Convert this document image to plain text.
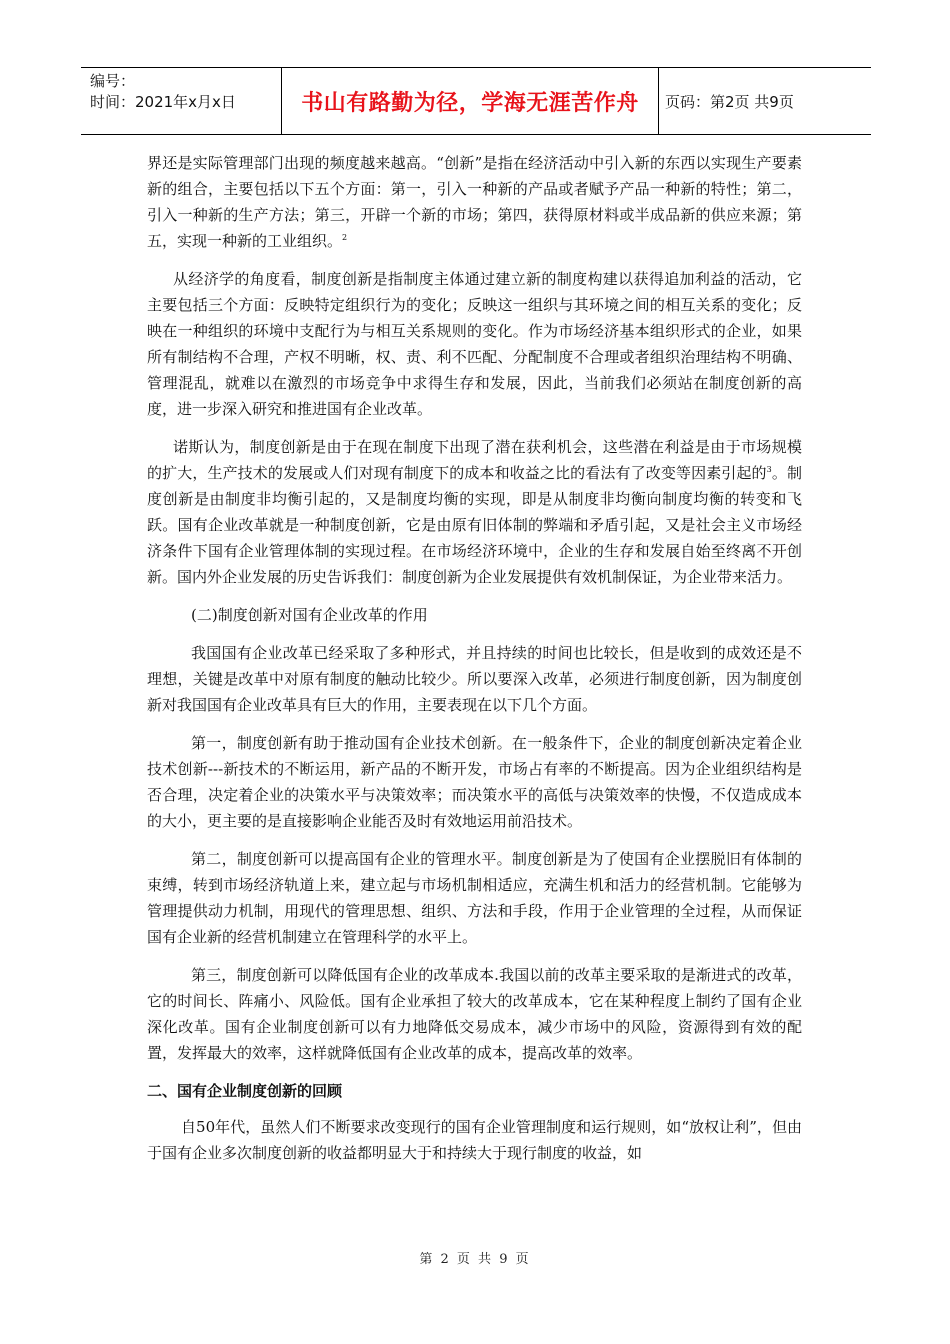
编号：
时间：2021年x月x日	书山有路勤为径，学海无涯苦作舟 页码：第2页 共9页

界还是实际管理部门出现的频度越来越高。“创新”是指在经济活动中引入新的东西以实现生产要素新的组合，主要包括以下五个方面：第一，引入一种新的产品或者赋予产品一种新的特性；第二，引入一种新的生产方法；第三，开辟一个新的市场；第四，获得原材料或半成品新的供应来源；第五，实现一种新的工业组织。$^2$

从经济学的角度看，制度创新是指制度主体通过建立新的制度构建以获得追加利益的活动，它主要包括三个方面：反映特定组织行为的变化；反映这一组织与其环境之间的相互关系的变化；反映在一种组织的环境中支配行为与相互关系规则的变化。作为市场经济基本组织形式的企业，如果所有制结构不合理，产权不明晰，权、责、利不匹配、分配制度不合理或者组织治理结构不明确、管理混乱，就难以在激烈的市场竞争中求得生存和发展，因此，当前我们必须站在制度创新的高度，进一步深入研究和推进国有企业改革。

诺斯认为，制度创新是由于在现在制度下出现了潜在获利机会，这些潜在利益是由于市场规模的扩大，生产技术的发展或人们对现有制度下的成本和收益之比的看法有了改变等因素引起的$^3$。制度创新是由制度非均衡引起的，又是制度均衡的实现，即是从制度非均衡向制度均衡的转变和飞跃。国有企业改革就是一种制度创新，它是由原有旧体制的弊端和矛盾引起，又是社会主义市场经济条件下国有企业管理体制的实现过程。在市场经济环境中，企业的生存和发展自始至终离不开创新。国内外企业发展的历史告诉我们：制度创新为企业发展提供有效机制保证，为企业带来活力。

(二)制度创新对国有企业改革的作用

我国国有企业改革已经采取了多种形式，并且持续的时间也比较长，但是收到的成效还是不理想，关键是改革中对原有制度的触动比较少。所以要深入改革，必须进行制度创新，因为制度创新对我国国有企业改革具有巨大的作用，主要表现在以下几个方面。

第一，制度创新有助于推动国有企业技术创新。在一般条件下，企业的制度创新决定着企业技术创新---新技术的不断运用，新产品的不断开发，市场占有率的不断提高。因为企业组织结构是否合理，决定着企业的决策水平与决策效率；而决策水平的高低与决策效率的快慢，不仅造成成本的大小，更主要的是直接影响企业能否及时有效地运用前沿技术。

第二，制度创新可以提高国有企业的管理水平。制度创新是为了使国有企业摆脱旧有体制的束缚，转到市场经济轨道上来，建立起与市场机制相适应，充满生机和活力的经营机制。它能够为管理提供动力机制，用现代的管理思想、组织、方法和手段，作用于企业管理的全过程，从而保证国有企业新的经营机制建立在管理科学的水平上。

第三，制度创新可以降低国有企业的改革成本.我国以前的改革主要采取的是渐进式的改革，它的时间长、阵痛小、风险低。国有企业承担了较大的改革成本，它在某种程度上制约了国有企业深化改革。国有企业制度创新可以有力地降低交易成本，减少市场中的风险，资源得到有效的配置，发挥最大的效率，这样就降低国有企业改革的成本，提高改革的效率。

二、国有企业制度创新的回顾

自50年代，虽然人们不断要求改变现行的国有企业管理制度和运行规则，如“放权让利”，但由于国有企业多次制度创新的收益都明显大于和持续大于现行制度的收益，如

第 2 页 共 9 页
